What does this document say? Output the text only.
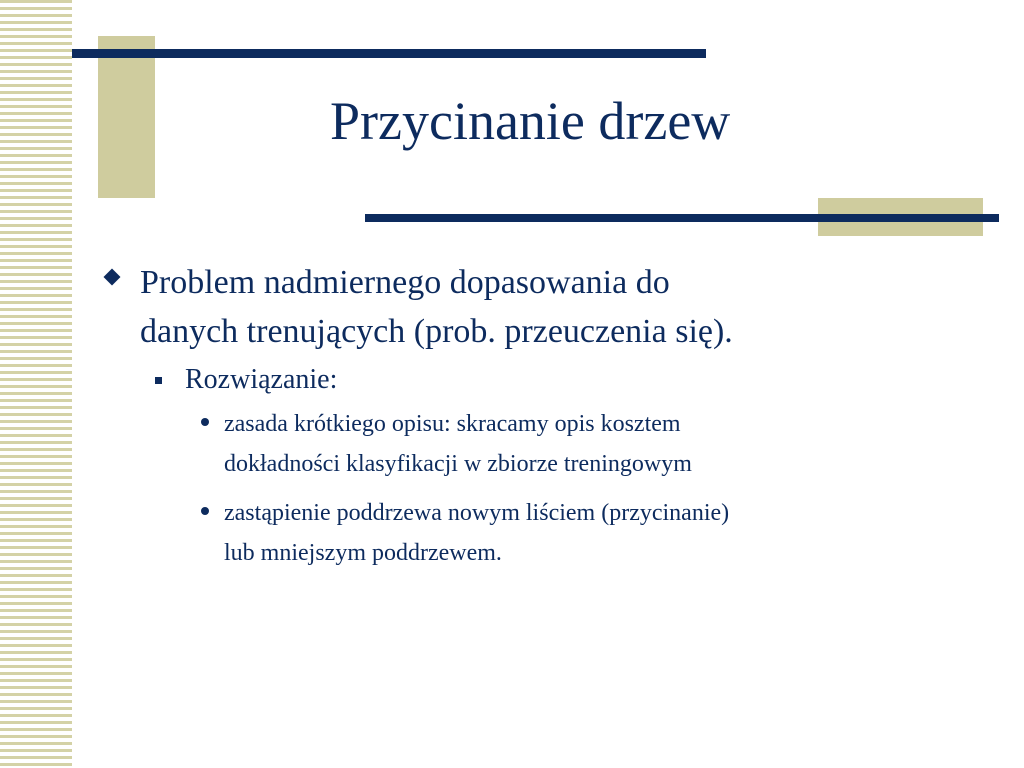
Przycinanie drzew
Problem nadmiernego dopasowania do
danych trenujących (prob. przeuczenia się).
Rozwiązanie:
zasada krótkiego opisu: skracamy opis kosztem
dokładności klasyfikacji w zbiorze treningowym
zastąpienie poddrzewa nowym liściem (przycinanie)
lub mniejszym poddrzewem.
